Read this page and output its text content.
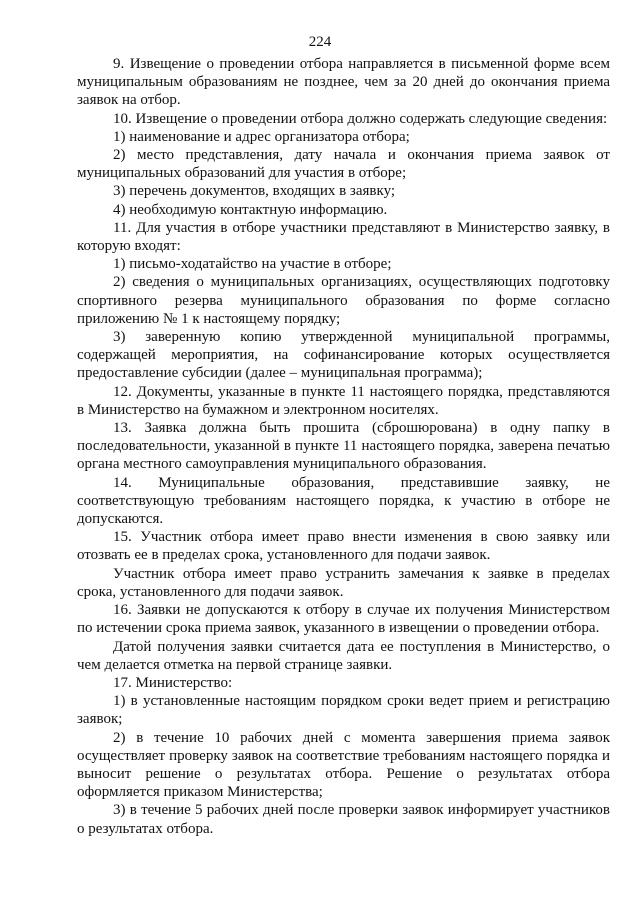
224

9. Извещение о проведении отбора направляется в письменной форме всем муниципальным образованиям не позднее, чем за 20 дней до окончания приема заявок на отбор.

10. Извещение о проведении отбора должно содержать следующие сведения:

1) наименование и адрес организатора отбора;

2) место представления, дату начала и окончания приема заявок от муниципальных образований для участия в отборе;

3) перечень документов, входящих в заявку;

4) необходимую контактную информацию.

11. Для участия в отборе участники представляют в Министерство заявку, в которую входят:

1) письмо-ходатайство на участие в отборе;

2) сведения о муниципальных организациях, осуществляющих подготовку спортивного резерва муниципального образования по форме согласно приложению № 1 к настоящему порядку;

3) заверенную копию утвержденной муниципальной программы, содержащей мероприятия, на софинансирование которых осуществляется предоставление субсидии (далее – муниципальная программа);

12. Документы, указанные в пункте 11 настоящего порядка, представляются в Министерство на бумажном и электронном носителях.

13. Заявка должна быть прошита (сброшюрована) в одну папку в последовательности, указанной в пункте 11 настоящего порядка, заверена печатью органа местного самоуправления муниципального образования.

14. Муниципальные образования, представившие заявку, не соответствующую требованиям настоящего порядка, к участию в отборе не допускаются.

15. Участник отбора имеет право внести изменения в свою заявку или отозвать ее в пределах срока, установленного для подачи заявок.

Участник отбора имеет право устранить замечания к заявке в пределах срока, установленного для подачи заявок.

16. Заявки не допускаются к отбору в случае их получения Министерством по истечении срока приема заявок, указанного в извещении о проведении отбора.

Датой получения заявки считается дата ее поступления в Министерство, о чем делается отметка на первой странице заявки.

17. Министерство:

1) в установленные настоящим порядком сроки ведет прием и регистрацию заявок;

2) в течение 10 рабочих дней с момента завершения приема заявок осуществляет проверку заявок на соответствие требованиям настоящего порядка и выносит решение о результатах отбора. Решение о результатах отбора оформляется приказом Министерства;

3) в течение 5 рабочих дней после проверки заявок информирует участников о результатах отбора.
